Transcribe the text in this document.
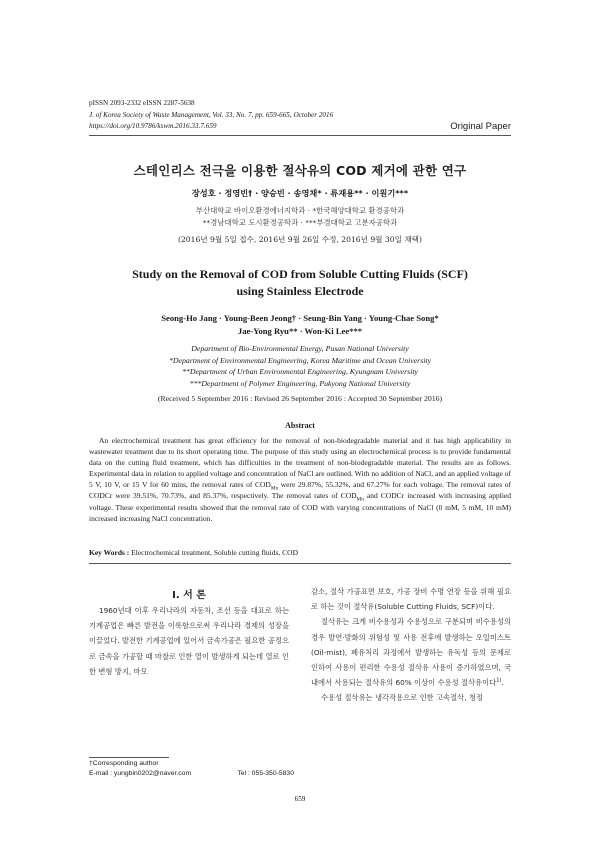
pISSN 2093-2332 eISSN 2287-5638
J. of Korea Society of Waste Management, Vol. 33, No. 7, pp. 659-665, October 2016
https://doi.org/10.9786/kswm.2016.33.7.659	Original Paper
스테인리스 전극을 이용한 절삭유의 COD 제거에 관한 연구
장성호 · 정영빈† · 양승빈 · 송영채* · 류재용** · 이원기***
부산대학교 바이오환경에너지학과 · *한국해양대학교 환경공학과
**경남대학교 도시환경공학과 · ***부경대학교 고분자공학과
(2016년 9월 5일 접수, 2016년 9월 26일 수정, 2016년 9월 30일 채택)
Study on the Removal of COD from Soluble Cutting Fluids (SCF)
using Stainless Electrode
Seong-Ho Jang · Young-Been Jeong† · Seung-Bin Yang · Young-Chae Song*
Jae-Yong Ryu** · Won-Ki Lee***
Department of Bio-Environmental Energy, Pusan National University
*Department of Environmental Engineering, Korea Maritime and Ocean University
**Department of Urban Environmental Engineering, Kyungnam University
***Department of Polymer Engineering, Pukyong National University
(Received 5 September 2016 : Revised 26 September 2016 : Accepted 30 September 2016)
Abstract

An electrochemical treatment has great efficiency for the removal of non-biodegradable material and it has high applicability in wastewater treatment due to its short operating time. The purpose of this study using an electrochemical process is to provide fundamental data on the cutting fluid treatment, which has difficulties in the treatment of non-biodegradable material. The results are as follows. Experimental data in relation to applied voltage and concentration of NaCl are outlined. With no addition of NaCl, and an applied voltage of 5 V, 10 V, or 15 V for 60 mins, the removal rates of $COD_{Mn}$ were 29.87%, 55.32%, and 67.27% for each voltage. The removal rates of CODCr were 39.51%, 70.73%, and 85.37%, respectively. The removal rates of $COD_{Mn}$ and CODCr increased with increasing applied voltage. These experimental results showed that the removal rate of COD with varying concentrations of NaCl (0 mM, 5 mM, 10 mM) increased increasing NaCl concentration.

Key Words : Electrochemical treatment, Soluble cutting fluids, COD
I. 서 론

1960년대 이후 우리나라의 자동차, 조선 등을 대표로 하는 기계공업은 빠른 발전을 이룩함으로써 우리나라 경제의 성장을 이끌었다. 발전한 기계공업에 있어서 금속가공은 필요한 공정으로 금속을 가공할 때 마찰로 인한 열이 발생하게 되는데 열로 인한 변형 방지, 마모

감소, 절삭 가공표면 보호, 가공 장비 수명 연장 등을 위해 필요로 하는 것이 절삭유(Soluble Cutting Fluids, SCF)이다.

절삭유는 크게 비수용성과 수용성으로 구분되며 비수용성의 경우 발연·발화의 위험성 및 사용 전후에 발생하는 오일미스트(Oil-mist), 폐유처리 과정에서 발생하는 유독성 등의 문제로 인하여 사용이 편리한 수용성 절삭유 사용이 증가하였으며, 국내에서 사용되는 절삭유의 60% 이상이 수용성 절삭유이다$^{1)}$.

수용성 절삭유는 냉각작용으로 인한 고속절삭, 청정

†Corresponding author
E-mail : yungbin0202@naver.com	Tel : 055-350-5830
659
